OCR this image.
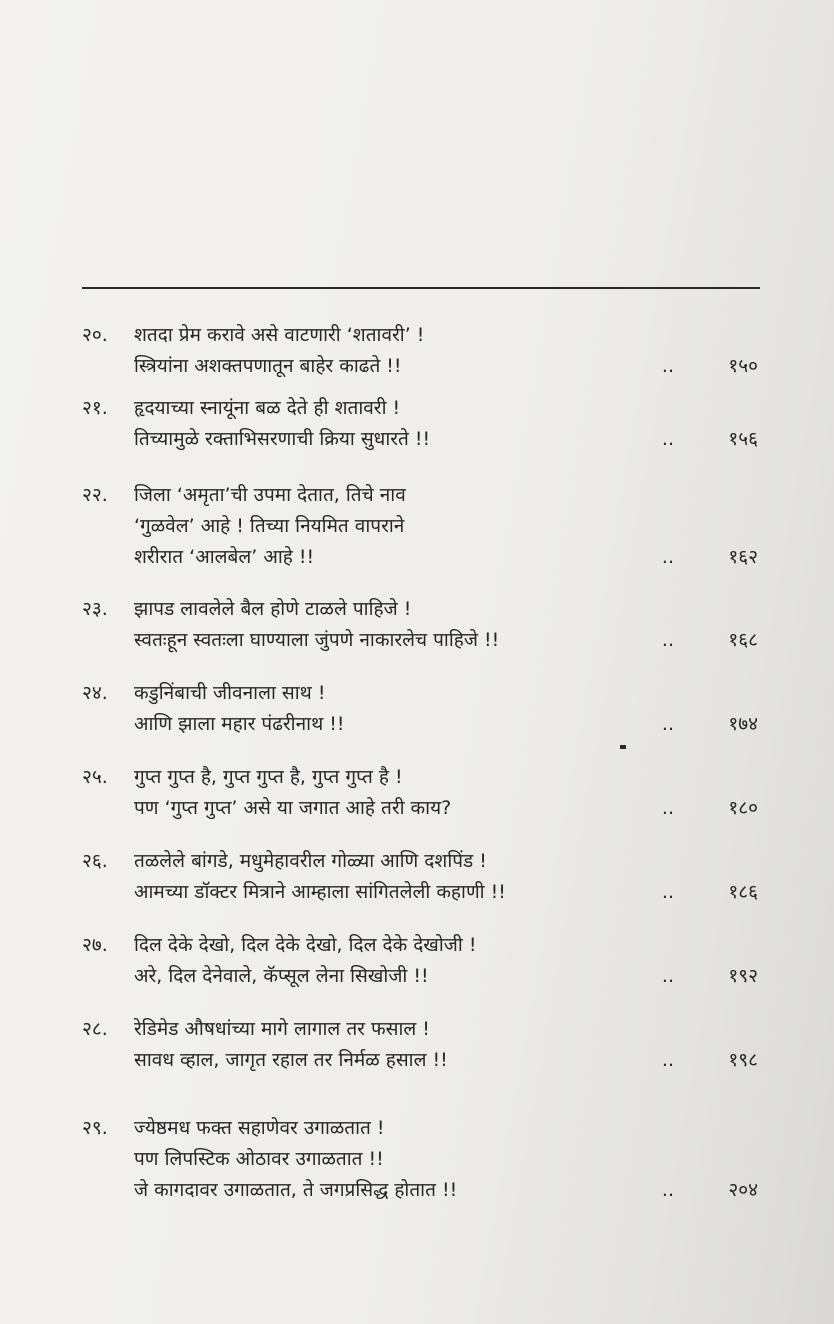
२०.	शतदा प्रेम करावे असे वाटणारी ‘शतावरी’ !
स्त्रियांना अशक्तपणातून बाहेर काढते !!	..	१५०
२१.	हृदयाच्या स्नायूंना बळ देते ही शतावरी !
तिच्यामुळे रक्ताभिसरणाची क्रिया सुधारते !!	..	१५६
२२.	जिला ‘अमृता’ची उपमा देतात, तिचे नाव
‘गुळवेल’ आहे ! तिच्या नियमित वापराने
शरीरात ‘आलबेल’ आहे !!	..	१६२
२३.	झापड लावलेले बैल होणे टाळले पाहिजे !
स्वतःहून स्वतःला घाण्याला जुंपणे नाकारलेच पाहिजे !!	..	१६८
२४.	कडुनिंबाची जीवनाला साथ !
आणि झाला महार पंढरीनाथ !!	..	१७४
२५.	गुप्त गुप्त है, गुप्त गुप्त है, गुप्त गुप्त है !
पण ‘गुप्त गुप्त’ असे या जगात आहे तरी काय?	..	१८०
२६.	तळलेले बांगडे, मधुमेहावरील गोळ्या आणि दशपिंड !
आमच्या डॉक्टर मित्राने आम्हाला सांगितलेली कहाणी !!	..	१८६
२७.	दिल देके देखो, दिल देके देखो, दिल देके देखोजी !
अरे, दिल देनेवाले, कॅप्सूल लेना सिखोजी !!	..	१९२
२८.	रेडिमेड औषधांच्या मागे लागाल तर फसाल !
सावध व्हाल, जागृत रहाल तर निर्मळ हसाल !!	..	१९८
२९.	ज्येष्ठमध फक्त सहाणेवर उगाळतात !
पण लिपस्टिक ओठावर उगाळतात !!
जे कागदावर उगाळतात, ते जगप्रसिद्ध होतात !!	..	२०४
